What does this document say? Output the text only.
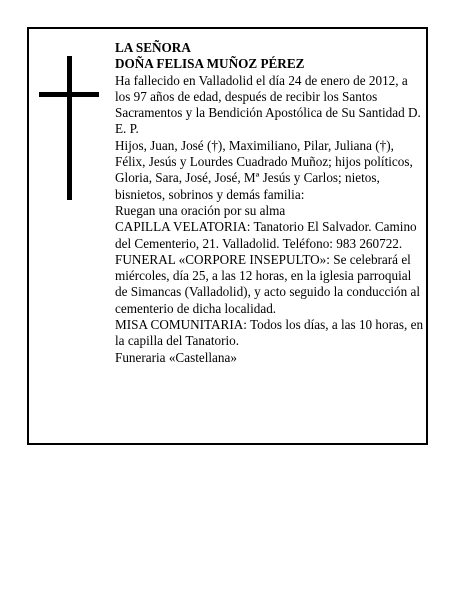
LA SEÑORA

DOÑA FELISA MUÑOZ PÉREZ

Ha fallecido en Valladolid el día 24 de enero de 2012, a los 97 años de edad, después de recibir los Santos Sacramentos y la Bendición Apostólica de Su Santidad D. E. P.

Hijos, Juan, José (†), Maximiliano, Pilar, Juliana (†), Félix, Jesús y Lourdes Cuadrado Muñoz; hijos políticos, Gloria, Sara, José, José, Mª Jesús y Carlos; nietos, bisnietos, sobrinos y demás familia:

Ruegan una oración por su alma

CAPILLA VELATORIA: Tanatorio El Salvador. Camino del Cementerio, 21. Valladolid. Teléfono: 983 260722.

FUNERAL «CORPORE INSEPULTO»: Se celebrará el miércoles, día 25, a las 12 horas, en la iglesia parroquial de Simancas (Valladolid), y acto seguido la conducción al cementerio de dicha localidad.

MISA COMUNITARIA: Todos los días, a las 10 horas, en la capilla del Tanatorio.

Funeraria «Castellana»
